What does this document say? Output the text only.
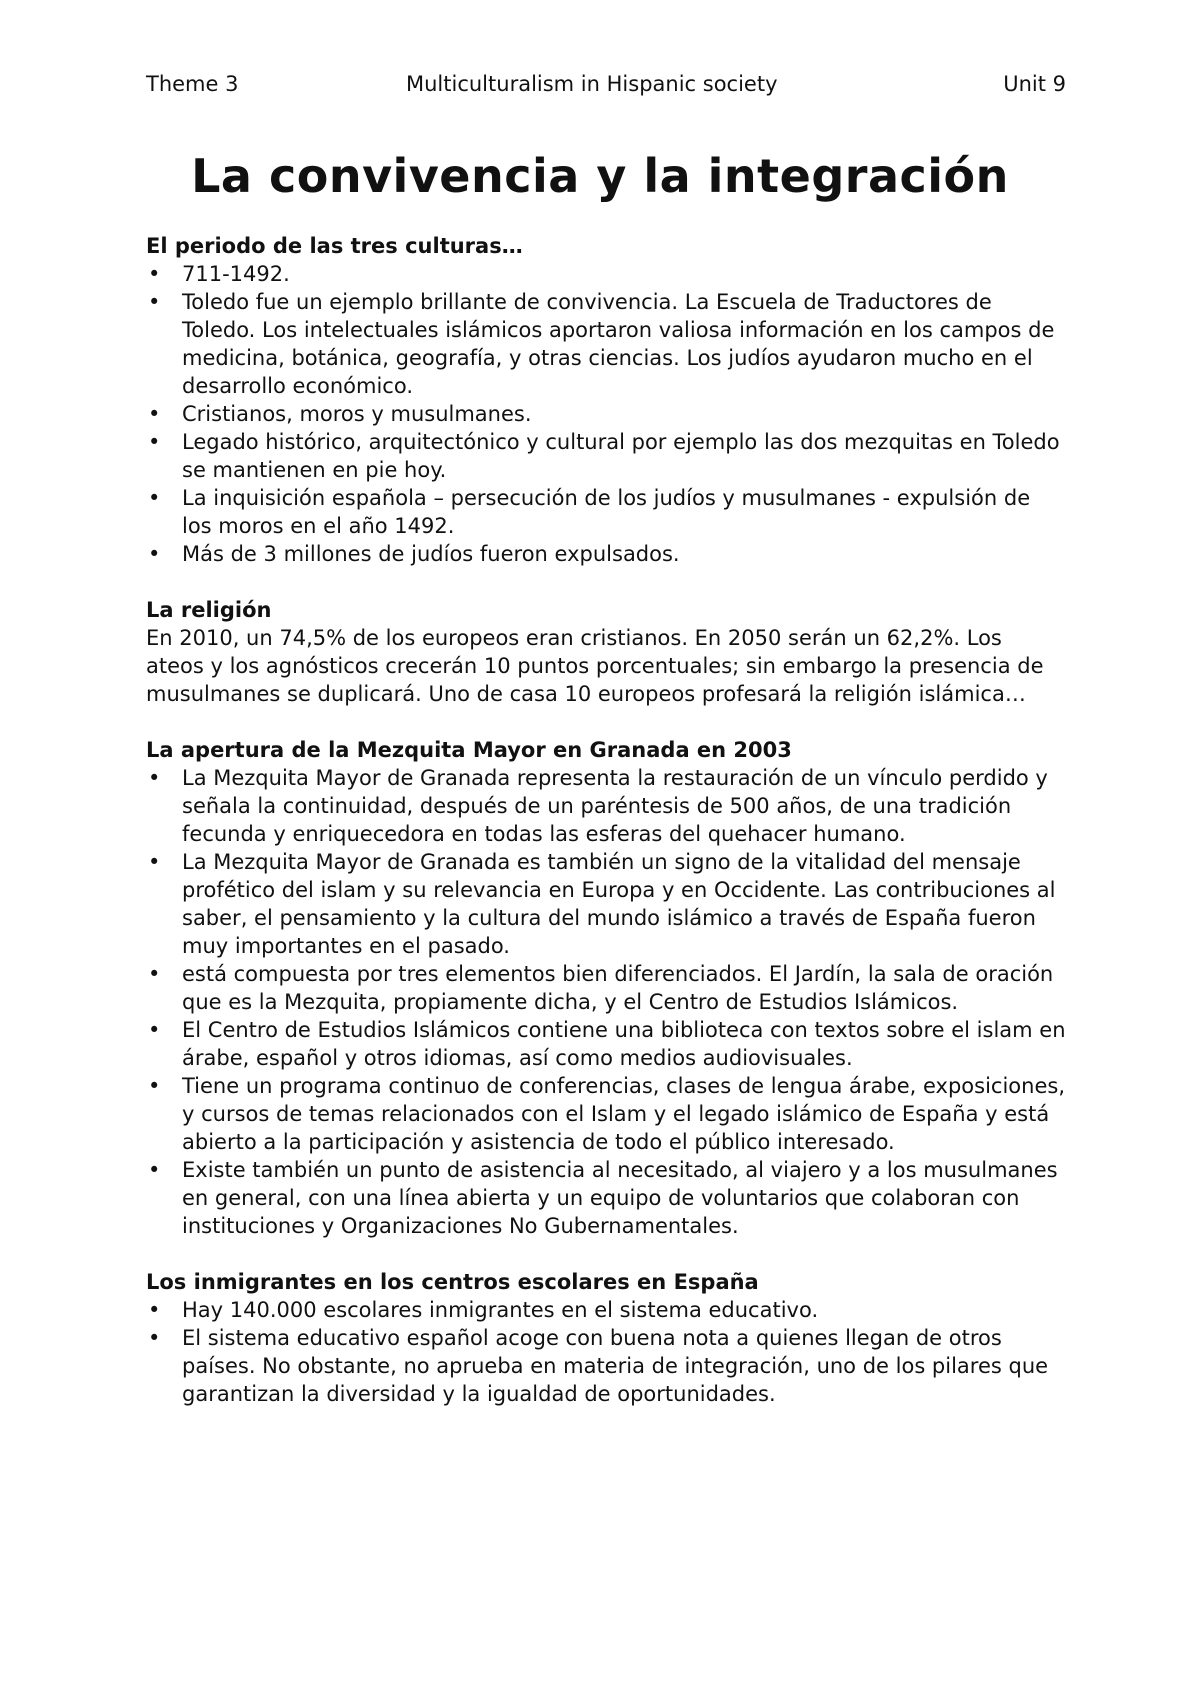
Theme 3	Multiculturalism in Hispanic society	Unit 9
La convivencia y la integración

El periodo de las tres culturas…

• 711-1492.
• Toledo fue un ejemplo brillante de convivencia. La Escuela de Traductores de Toledo. Los intelectuales islámicos aportaron valiosa información en los campos de medicina, botánica, geografía, y otras ciencias. Los judíos ayudaron mucho en el desarrollo económico.
• Cristianos, moros y musulmanes.
• Legado histórico, arquitectónico y cultural por ejemplo las dos mezquitas en Toledo se mantienen en pie hoy.
• La inquisición española – persecución de los judíos y musulmanes - expulsión de los moros en el año 1492.
• Más de 3 millones de judíos fueron expulsados.

La religión

En 2010, un 74,5% de los europeos eran cristianos. En 2050 serán un 62,2%. Los ateos y los agnósticos crecerán 10 puntos porcentuales; sin embargo la presencia de musulmanes se duplicará. Uno de casa 10 europeos profesará la religión islámica…

La apertura de la Mezquita Mayor en Granada en 2003

• La Mezquita Mayor de Granada representa la restauración de un vínculo perdido y señala la continuidad, después de un paréntesis de 500 años, de una tradición fecunda y enriquecedora en todas las esferas del quehacer humano.
• La Mezquita Mayor de Granada es también un signo de la vitalidad del mensaje profético del islam y su relevancia en Europa y en Occidente. Las contribuciones al saber, el pensamiento y la cultura del mundo islámico a través de España fueron muy importantes en el pasado.
• está compuesta por tres elementos bien diferenciados. El Jardín, la sala de oración que es la Mezquita, propiamente dicha, y el Centro de Estudios Islámicos.
• El Centro de Estudios Islámicos contiene una biblioteca con textos sobre el islam en árabe, español y otros idiomas, así como medios audiovisuales.
• Tiene un programa continuo de conferencias, clases de lengua árabe, exposiciones, y cursos de temas relacionados con el Islam y el legado islámico de España y está abierto a la participación y asistencia de todo el público interesado.
• Existe también un punto de asistencia al necesitado, al viajero y a los musulmanes en general, con una línea abierta y un equipo de voluntarios que colaboran con instituciones y Organizaciones No Gubernamentales.

Los inmigrantes en los centros escolares en España

• Hay 140.000 escolares inmigrantes en el sistema educativo.
• El sistema educativo español acoge con buena nota a quienes llegan de otros países. No obstante, no aprueba en materia de integración, uno de los pilares que garantizan la diversidad y la igualdad de oportunidades.
